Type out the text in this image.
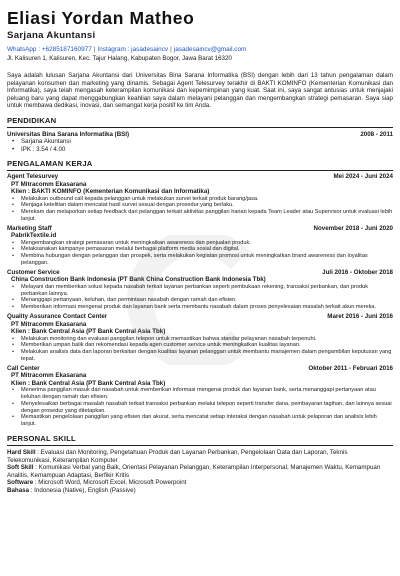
Eliasi Yordan Matheo
Sarjana Akuntansi
WhatsApp : +6285187160977 | Instagram : jasadesaincv | jasadesaincv@gmail.com
Jl. Kalisuren 1, Kalisuren, Kec. Tajur Halang, Kabupaten Bogor, Jawa Barat 16320

Saya adalah lulusan Sarjana Akuntansi dari Universitas Bina Sarana Informatika (BSI) dengan lebih dari 13 tahun pengalaman dalam pelayanan konsumen dan marketing yang dinamis. Sebagai Agent Telesurvey terakhir di BAKTI KOMINFO (Kementerian Komunikasi dan Informatika), saya telah mengasah keterampilan komunikasi dan kepemimpinan yang kuat. Saat ini, saya sangat antusias untuk menjajaki peluang baru yang dapat menggabungkan keahlian saya dalam melayani pelanggan dan mengembangkan strategi pemasaran. Saya siap untuk membawa dedikasi, inovasi, dan semangat kerja positif ke tim Anda.

PENDIDIKAN
Universitas Bina Sarana Informatika (BSI)	2008 - 2011
• Sarjana Akuntansi
• IPK : 3.54 / 4.00
PENGALAMAN KERJA
Agent Telesurvey	Mei 2024 - Juni 2024
PT Mitracomm Ekasarana
Klien : BAKTI KOMINFO (Kementerian Komunikasi dan Informatika)
• Melakukan outbound call kepada pelanggan untuk melakukan survei terkait produk barang/jasa.
• Menjaga ketelitian dalam mencatat hasil survei sesuai dengan prosedur yang berlaku.
• Merekam dan melaporkan setiap feedback dari pelanggan terkait aktivitas panggilan harian kepada Team Leader atau Supervisor untuk evaluasi lebih lanjut.
Marketing Staff	November 2018 - Juni 2020
PabrikTextile.id
• Mengembangkan strategi pemasaran untuk meningkatkan awareness dan penjualan produk.
• Melaksanakan kampanye pemasaran melalui berbagai platform media sosial dan digital.
• Membina hubungan dengan pelanggan dan prospek, serta melakukan kegiatan promosi untuk meningkatkan brand awareness dan loyalitas pelanggan.
Customer Service	Juli 2016 - Oktober 2018
China Construction Bank Indonesia (PT Bank China Construction Bank Indonesia Tbk)
• Melayani dan memberikan solusi kepada nasabah terkait layanan perbankan seperti pembukaan rekening, transaksi perbankan, dan produk perbankan lainnya.
• Menanggapi pertanyaan, keluhan, dan permintaan nasabah dengan ramah dan efisien.
• Memberikan informasi mengenai produk dan layanan bank serta membantu nasabah dalam proses penyelesaian masalah terkait akun mereka.
Quality Assurance Contact Center	Maret 2016 - Juni 2016
PT Mitracomm Ekasarana
Klien : Bank Central Asia (PT Bank Central Asia Tbk)
• Melakukan monitoring dan evaluasi panggilan telepon untuk memastikan bahwa standar pelayanan nasabah terpenuhi.
• Memberikan umpan balik dan rekomendasi kepada agen customer service untuk meningkatkan kualitas layanan.
• Melakukan analisis data dan laporan berkaitan dengan kualitas layanan pelanggan untuk membantu manajemen dalam pengambilan keputusan yang tepat.
Call Center	Oktober 2011 - Februari 2016
PT Mitracomm Ekasarana
Klien : Bank Central Asia (PT Bank Central Asia Tbk)
• Menerima panggilan masuk dari nasabah untuk memberikan informasi mengenai produk dan layanan bank, serta menanggapi pertanyaan atau keluhan dengan ramah dan efisien.
• Menyelesaikan berbagai masalah nasabah terkait transaksi perbankan melalui telepon seperti transfer dana, pembayaran tagihan, dan lainnya sesuai dengan prosedur yang ditetapkan.
• Memastikan pengelolaan panggilan yang efisien dan akurat, serta mencatat setiap interaksi dengan nasabah untuk pelaporan dan analisis lebih lanjut.
PERSONAL SKILL
Hard Skill : Evaluasi dan Monitoring, Pengetahuan Produk dan Layanan Perbankan, Pengelolaan Data dan Laporan, Teknis Telekomunikasi, Keterampilan Komputer
Soft Skill : Komunikasi Verbal yang Baik, Orientasi Pelayanan Pelanggan, Keterampilan Interpersonal, Manajemen Waktu, Kemampuan Analitis, Kemampuan Adaptasi, Berfikir Kritis
Software : Microsoft Word, Microsoft Excel, Microsoft Powerpoint
Bahasa : Indonesia (Native), English (Passive)
